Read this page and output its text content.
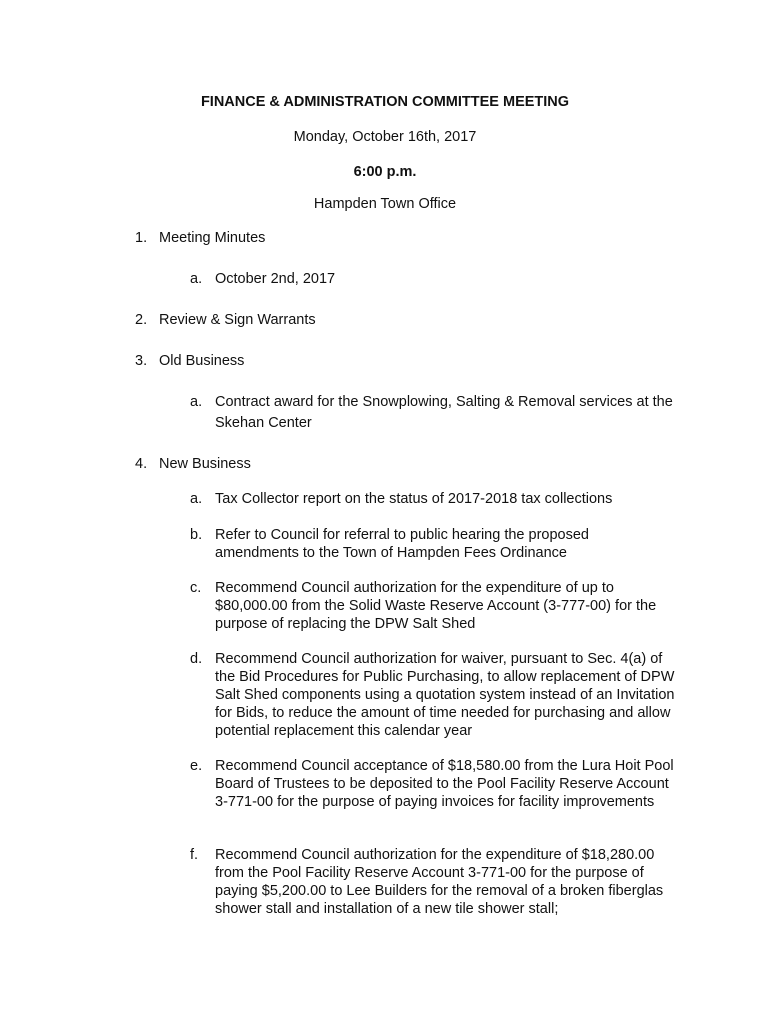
FINANCE & ADMINISTRATION COMMITTEE MEETING
Monday, October 16th, 2017
6:00 p.m.
Hampden Town Office
1. Meeting Minutes
a. October 2nd, 2017
2. Review & Sign Warrants
3. Old Business
a. Contract award for the Snowplowing, Salting & Removal services at the Skehan Center
4. New Business
a. Tax Collector report on the status of 2017-2018 tax collections
b. Refer to Council for referral to public hearing the proposed amendments to the Town of Hampden Fees Ordinance
c. Recommend Council authorization for the expenditure of up to $80,000.00 from the Solid Waste Reserve Account (3-777-00) for the purpose of replacing the DPW Salt Shed
d. Recommend Council authorization for waiver, pursuant to Sec. 4(a) of the Bid Procedures for Public Purchasing, to allow replacement of DPW Salt Shed components using a quotation system instead of an Invitation for Bids, to reduce the amount of time needed for purchasing and allow potential replacement this calendar year
e. Recommend Council acceptance of $18,580.00 from the Lura Hoit Pool Board of Trustees to be deposited to the Pool Facility Reserve Account 3-771-00 for the purpose of paying invoices for facility improvements
f. Recommend Council authorization for the expenditure of $18,280.00 from the Pool Facility Reserve Account 3-771-00 for the purpose of paying $5,200.00 to Lee Builders for the removal of a broken fiberglas shower stall and installation of a new tile shower stall;
